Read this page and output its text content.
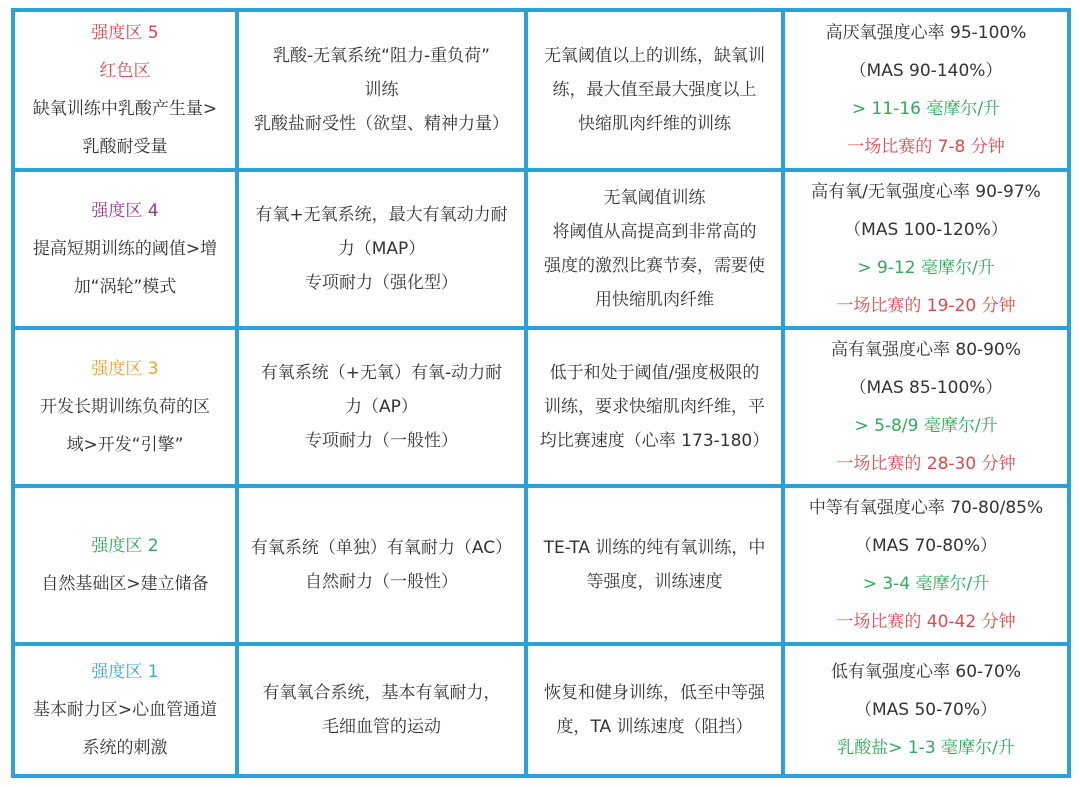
强度区 5
红色区
缺氧训练中乳酸产生量>
乳酸耐受量
乳酸-无氧系统“阻力-重负荷”
训练
乳酸盐耐受性（欲望、精神力量）
无氧阈值以上的训练，缺氧训
练，最大值至最大强度以上
快缩肌肉纤维的训练
高厌氧强度心率 95-100%
（MAS 90-140%）
> 11-16 毫摩尔/升
一场比赛的 7-8 分钟
强度区 4
提高短期训练的阈值>增
加“涡轮”模式
有氧+无氧系统，最大有氧动力耐
力（MAP）
专项耐力（强化型）
无氧阈值训练
将阈值从高提高到非常高的
强度的激烈比赛节奏，需要使
用快缩肌肉纤维
高有氧/无氧强度心率 90-97%
（MAS 100-120%）
> 9-12 毫摩尔/升
一场比赛的 19-20 分钟
强度区 3
开发长期训练负荷的区
域>开发“引擎”
有氧系统（+无氧）有氧-动力耐
力（AP）
专项耐力（一般性）
低于和处于阈值/强度极限的
训练，要求快缩肌肉纤维，平
均比赛速度（心率 173-180）
高有氧强度心率 80-90%
（MAS 85-100%）
> 5-8/9 毫摩尔/升
一场比赛的 28-30 分钟
强度区 2
自然基础区>建立储备
有氧系统（单独）有氧耐力（AC）
自然耐力（一般性）
TE-TA 训练的纯有氧训练，中
等强度，训练速度
中等有氧强度心率 70-80/85%
（MAS 70-80%）
> 3-4 毫摩尔/升
一场比赛的 40-42 分钟
强度区 1
基本耐力区>心血管通道
系统的刺激
有氧氧合系统，基本有氧耐力，
毛细血管的运动
恢复和健身训练，低至中等强
度，TA 训练速度（阻挡）
低有氧强度心率 60-70%
（MAS 50-70%）
乳酸盐> 1-3 毫摩尔/升
